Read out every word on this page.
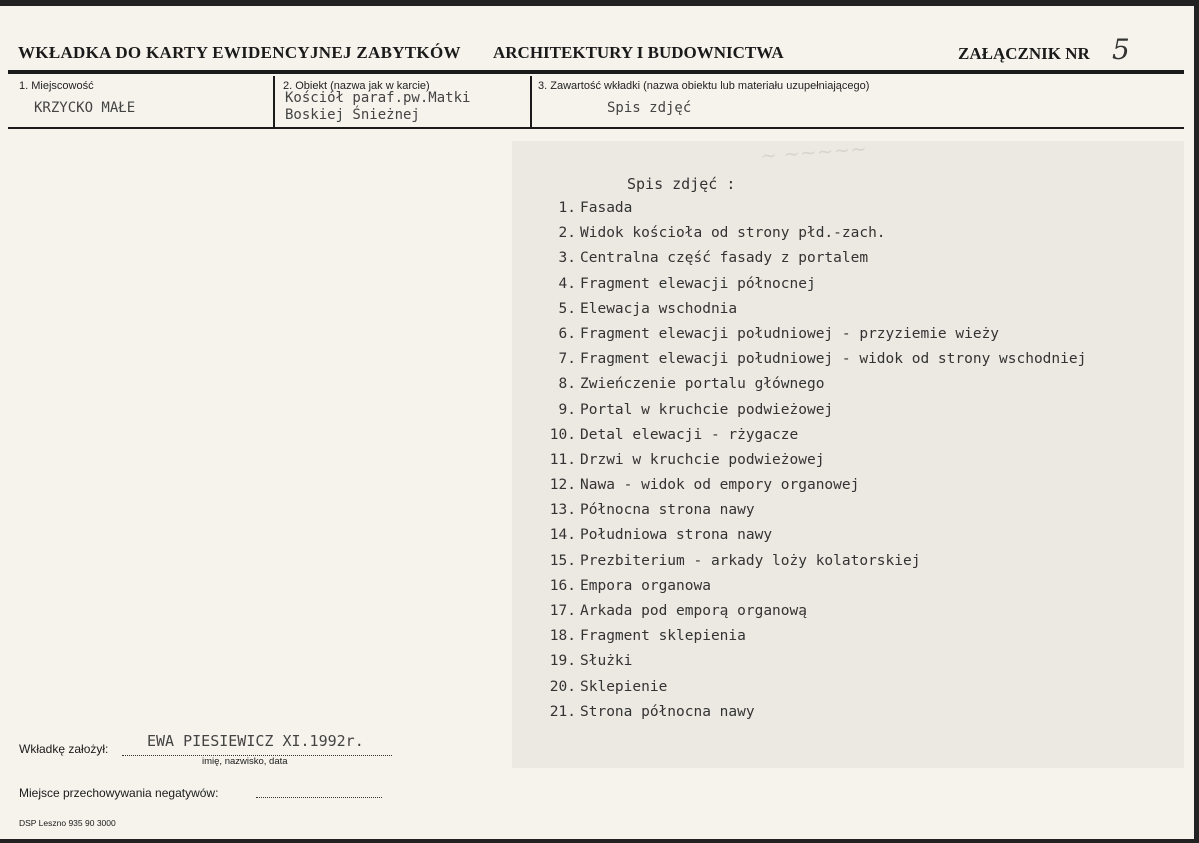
WKŁADKA DO KARTY EWIDENCYJNEJ ZABYTKÓW ARCHITEKTURY I BUDOWNICTWA	ZAŁĄCZNIK NR 5
1. Miejscowość
KRZYCKO MAŁE
2. Obiekt (nazwa jak w karcie)
Kościół paraf.pw.Matki
Boskiej Śnieżnej
3. Zawartość wkładki (nazwa obiektu lub materiału uzupełniającego)
Spis zdjęć
~ ~~~~~
Spis zdjęć :
1. Fasada
2. Widok kościoła od strony płd.-zach.
3. Centralna część fasady z portalem
4. Fragment elewacji północnej
5. Elewacja wschodnia
6. Fragment elewacji południowej - przyziemie wieży
7. Fragment elewacji południowej - widok od strony wschodniej
8. Zwieńczenie portalu głównego
9. Portal w kruchcie podwieżowej
10. Detal elewacji - rżygacze
11. Drzwi w kruchcie podwieżowej
12. Nawa - widok od empory organowej
13. Północna strona nawy
14. Południowa strona nawy
15. Prezbiterium - arkady loży kolatorskiej
16. Empora organowa
17. Arkada pod emporą organową
18. Fragment sklepienia
19. Służki
20. Sklepienie
21. Strona północna nawy
Wkładkę założył:	EWA PIESIEWICZ XI.1992r.
imię, nazwisko, data
Miejsce przechowywania negatywów:
DSP Leszno 935 90 3000
